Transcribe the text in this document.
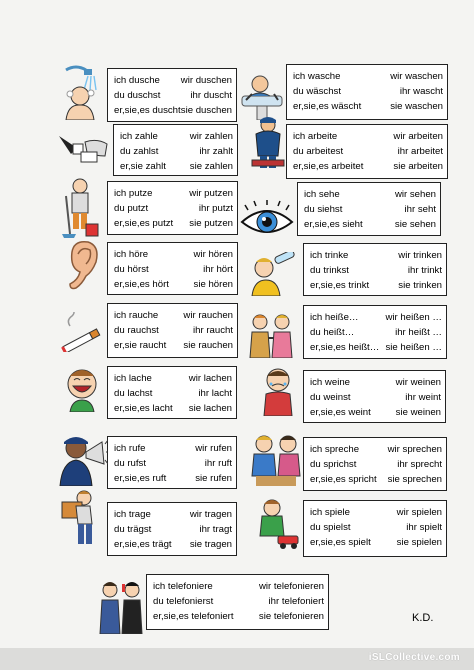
ich dusche wir duschen
du duschst	ihr duscht
er,sie,es duscht sie duschen
ich wasche	wir waschen
du wäschst	ihr wascht
er,sie,es wäscht	sie waschen
ich zahle	wir zahlen
du zahlst	ihr zahlt
er,sie zahlt sie zahlen
ich arbeite	wir arbeiten
du arbeitest	ihr arbeitet
er,sie,es arbeitet	sie arbeiten
ich putze	wir putzen
du putzt	ihr putzt
er,sie,es putzt sie putzen
ich sehe	wir sehen
du siehst	ihr seht
er,sie,es sieht	sie sehen
ich höre	wir hören
du hörst	ihr hört
er,sie,es hört	sie hören
ich trinke	wir trinken
du trinkst	ihr trinkt
er,sie,es trinkt	sie trinken
ich rauche	wir rauchen
du rauchst	ihr raucht
er,sie raucht sie rauchen
ich heiße…	wir heißen …
du heißt…	ihr heißt …
er,sie,es heißt… sie heißen …
ich lache	wir lachen
du lachst	ihr lacht
er,sie,es lacht sie lachen
ich weine	wir weinen
du weinst	ihr weint
er,sie,es weint	sie weinen
ich rufe	wir rufen
du rufst	ihr ruft
er,sie,es ruft	sie rufen
ich spreche	wir sprechen
du sprichst	ihr sprecht
er,sie,es spricht sie sprechen
ich trage	wir tragen
du trägst	ihr tragt
er,sie,es trägt sie tragen
ich spiele	wir spielen
du spielst	ihr spielt
er,sie,es spielt	sie spielen
ich telefoniere	wir telefonieren
du telefonierst	ihr telefoniert
er,sie,es telefoniert	sie telefonieren	K.D.
iSLCollective.com
